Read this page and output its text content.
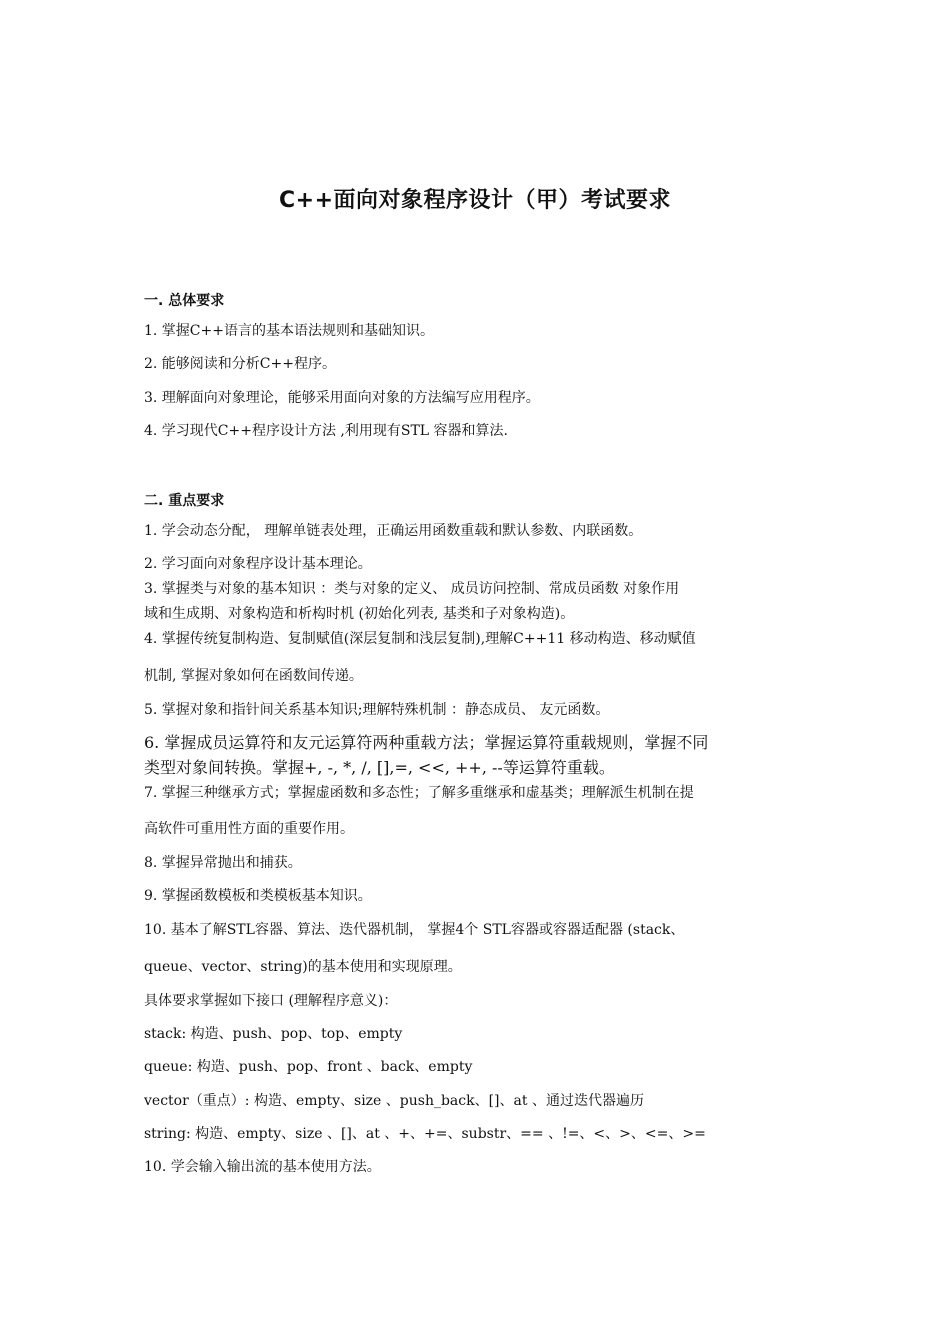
C++面向对象程序设计（甲）考试要求
一. 总体要求
1. 掌握C++语言的基本语法规则和基础知识。
2. 能够阅读和分析C++程序。
3. 理解面向对象理论，能够采用面向对象的方法编写应用程序。
4. 学习现代C++程序设计方法 ,利用现有STL 容器和算法.
二. 重点要求
1. 学会动态分配， 理解单链表处理，正确运用函数重载和默认参数、内联函数。
2. 学习面向对象程序设计基本理论。
3. 掌握类与对象的基本知识 ：类与对象的定义、 成员访问控制、常成员函数 对象作用
域和生成期、对象构造和析构时机 (初始化列表, 基类和子对象构造)。
4. 掌握传统复制构造、复制赋值(深层复制和浅层复制),理解C++11 移动构造、移动赋值
机制, 掌握对象如何在函数间传递。
5. 掌握对象和指针间关系基本知识;理解特殊机制 ：静态成员、 友元函数。
6. 掌握成员运算符和友元运算符两种重载方法；掌握运算符重载规则，掌握不同
类型对象间转换。掌握+, -, *, /, [],=, <<, ++, --等运算符重载。
7. 掌握三种继承方式；掌握虚函数和多态性；了解多重继承和虚基类；理解派生机制在提
高软件可重用性方面的重要作用。
8. 掌握异常抛出和捕获。
9. 掌握函数模板和类模板基本知识。
10. 基本了解STL容器、算法、迭代器机制， 掌握4个 STL容器或容器适配器 (stack、
queue、vector、string)的基本使用和实现原理。
具体要求掌握如下接口 (理解程序意义)：
stack: 构造、push、pop、top、empty
queue: 构造、push、pop、front 、back、empty
vector（重点）: 构造、empty、size 、push_back、[]、at 、通过迭代器遍历
string: 构造、empty、size 、[]、at 、+、+=、substr、== 、!=、<、>、<=、>=
10. 学会输入输出流的基本使用方法。
